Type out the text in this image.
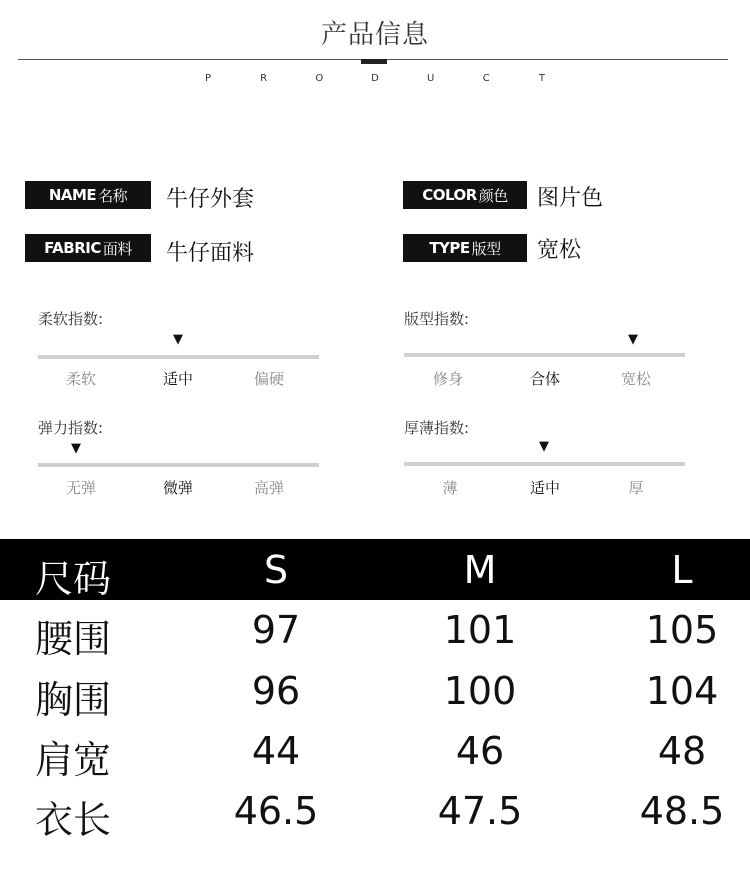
产品信息
P	R	O	D	U	C	T
NAME 名称 牛仔外套
FABRIC 面料 牛仔面料
COLOR 颜色 图片色
TYPE 版型 宽松
柔软指数:
▼
柔软	适中	偏硬
版型指数:
▼
修身	合体	宽松
弹力指数:
▼
无弹	微弹	高弹
厚薄指数:
▼
薄	适中	厚
尺码	S	M	L
腰围	97	101	105
胸围	96	100	104
肩宽	44	46	48
衣长	46.5	47.5	48.5
